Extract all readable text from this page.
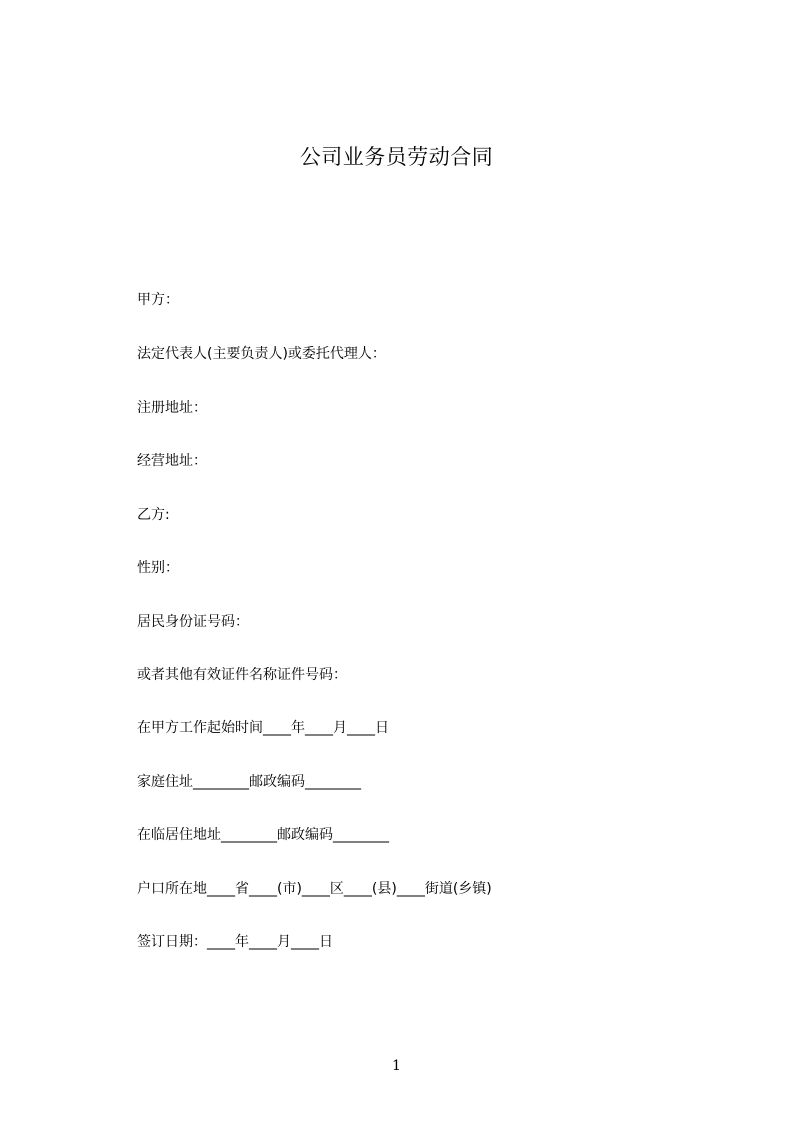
公司业务员劳动合同
甲方：
法定代表人(主要负责人)或委托代理人：
注册地址：
经营地址：
乙方:
性别：
居民身份证号码：
或者其他有效证件名称证件号码：
在甲方工作起始时间____年____月____日
家庭住址________邮政编码________
在临居住地址________邮政编码________
户口所在地____省____(市)____区____(县)____街道(乡镇)
签订日期：____年____月____日
1
